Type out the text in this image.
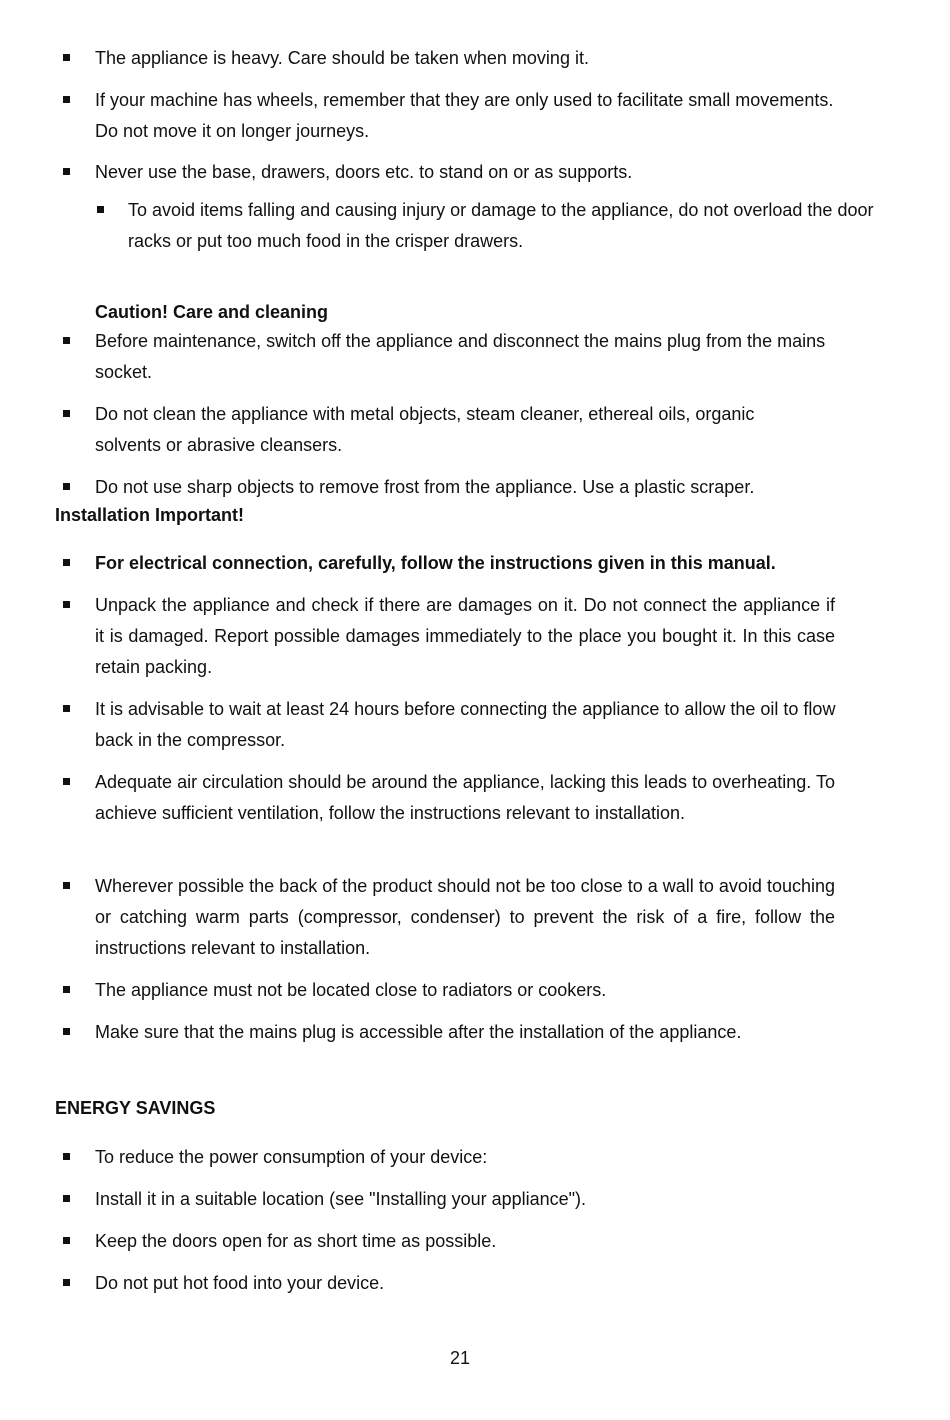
The appliance is heavy. Care should be taken when moving it.
If your machine has wheels, remember that they are only used to facilitate small movements. Do not move it on longer journeys.
Never use the base, drawers, doors etc. to stand on or as supports.
To avoid items falling and causing injury or damage to the appliance, do not overload the door racks or put too much food in the crisper drawers.
Caution! Care and cleaning
Before maintenance, switch off the appliance and disconnect the mains plug from the mains socket.
Do not clean the appliance with metal objects, steam cleaner, ethereal oils, organic solvents or abrasive cleansers.
Do not use sharp objects to remove frost from the appliance. Use a plastic scraper.
Installation Important!
For electrical connection, carefully, follow the instructions given in this manual.
Unpack the appliance and check if there are damages on it. Do not connect the appliance if it is damaged. Report possible damages immediately to the place you bought it. In this case retain packing.
It is advisable to wait at least 24 hours before connecting the appliance to allow the oil to flow back in the compressor.
Adequate air circulation should be around the appliance, lacking this leads to overheating. To achieve sufficient ventilation, follow the instructions relevant to installation.
Wherever possible the back of the product should not be too close to a wall to avoid touching or catching warm parts (compressor, condenser) to prevent the risk of a fire, follow the instructions relevant to installation.
The appliance must not be located close to radiators or cookers.
Make sure that the mains plug is accessible after the installation of the appliance.
ENERGY SAVINGS
To reduce the power consumption of your device:
Install it in a suitable location (see "Installing your appliance").
Keep the doors open for as short time as possible.
Do not put hot food into your device.
21
